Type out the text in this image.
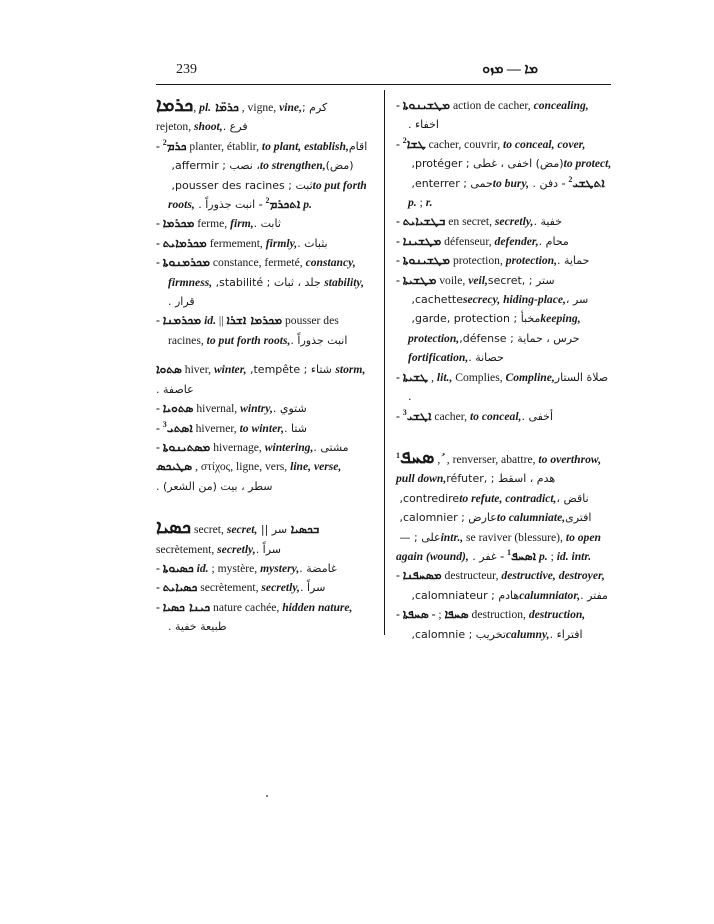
239	ܡܐ — ܡܙܘ

ܟܪܡܐ, pl. ܟܪܡ̈ܐ , vigne, vine, كرم ;
rejeton, shoot, فرع .

- $^2$ܟܪܡ planter, établir, to plant, establish, اقام ، نصب ; affermir, to strengthen, (مض) ثبت ; pousser des racines, to put forth roots, انبت جذوراً . - $^2$ܐܬܟܪܡ p.

- ܡܟܪܡܐ ferme, firm, ثابت .

- ܡܟܪܡܐܝܬ fermement, firmly, بثبات .

- ܡܟܪܡܢܘܬܐ constance, fermeté, constancy, firmness, جلد ، ثبات ; stabilité, stability, قرار .

- ܡܟܪܡܢܐ id. || ܡܟܪܡܐ ܐܫܪܐ pousser des racines, to put forth roots, انبت جذوراً .

ܣܬܘܐ hiver, winter, شتاء ; tempête, storm, عاصفة .

- ܣܬܘܝܐ hivernal, wintry, شتوي .

- $^3$ܐܣܬܝ hiverner, to winter, شتا .

- ܡܣܬܝܢܘܬܐ hivernage, wintering, مشتى .

ܣܛܝܟܣ , στίχος, ligne, vers, line, verse,
سطر ، بيت (من الشعر) .

ܟܣܝܐ secret, secret, سر || ܒܟܣܝܐ secrètement, secretly, سراً .

- ܟܣܝܘܬܐ id. ; mystère, mystery, غامضة .

- ܟܣܝܐܝܬ secrètement, secretly, سراً .

- ܟܝܢܐ ܟܣܝܐ nature cachée, hidden nature, طبيعة خفية .

- ܡܛܫܝܢܘܬܐ action de cacher, concealing, اخفاء .

- $^2$ܛܫܐ cacher, couvrir, to conceal, cover, (مض) اخفى ، غطى ; protéger, to protect, حمى ; enterrer, to bury, دفن . - $^2$ܐܬܛܫܝ p. ; r.

- ܒܛܫܝܐܝܬ en secret, secretly, خفية .

- ܡܛܫܝܢܐ défenseur, defender, محام .

- ܡܛܫܝܢܘܬܐ protection, protection, حماية .

- ܡܛܫܝܬܐ voile, veil, ستر ; secret, cachette, secrecy, hiding-place, سر ، مخبأ ; garde, protection, keeping, protection, حرس ، حماية ; défense, fortification, حصانة .

- ܛܫܝܬܐ , lit., Complies, Compline, صلاة الستار .

- $^3$ܐܛܫܝ cacher, to conceal, أخفى .

$^1$ܣܚܦ , , renverser, abattre, to overthrow, pull down, هدم ، اسقط ; réfuter, contredire, to refute, contradict, ناقض ، عارض ; calomnier, to calumniate, افترى على ; — intr., se raviver (blessure), to open again (wound), غفر . - $^1$ܐܣܚܦ p. ; id. intr.

- ܡܣܚܦܢܐ destructeur, destructive, destroyer, هادم ; calomniateur, calumniator, مفتر .

-	ܣܚܦܐ ; - ܣܚܦܬܐ	destruction, destruction, تخريب ; calomnie, calumny, افتراء .
